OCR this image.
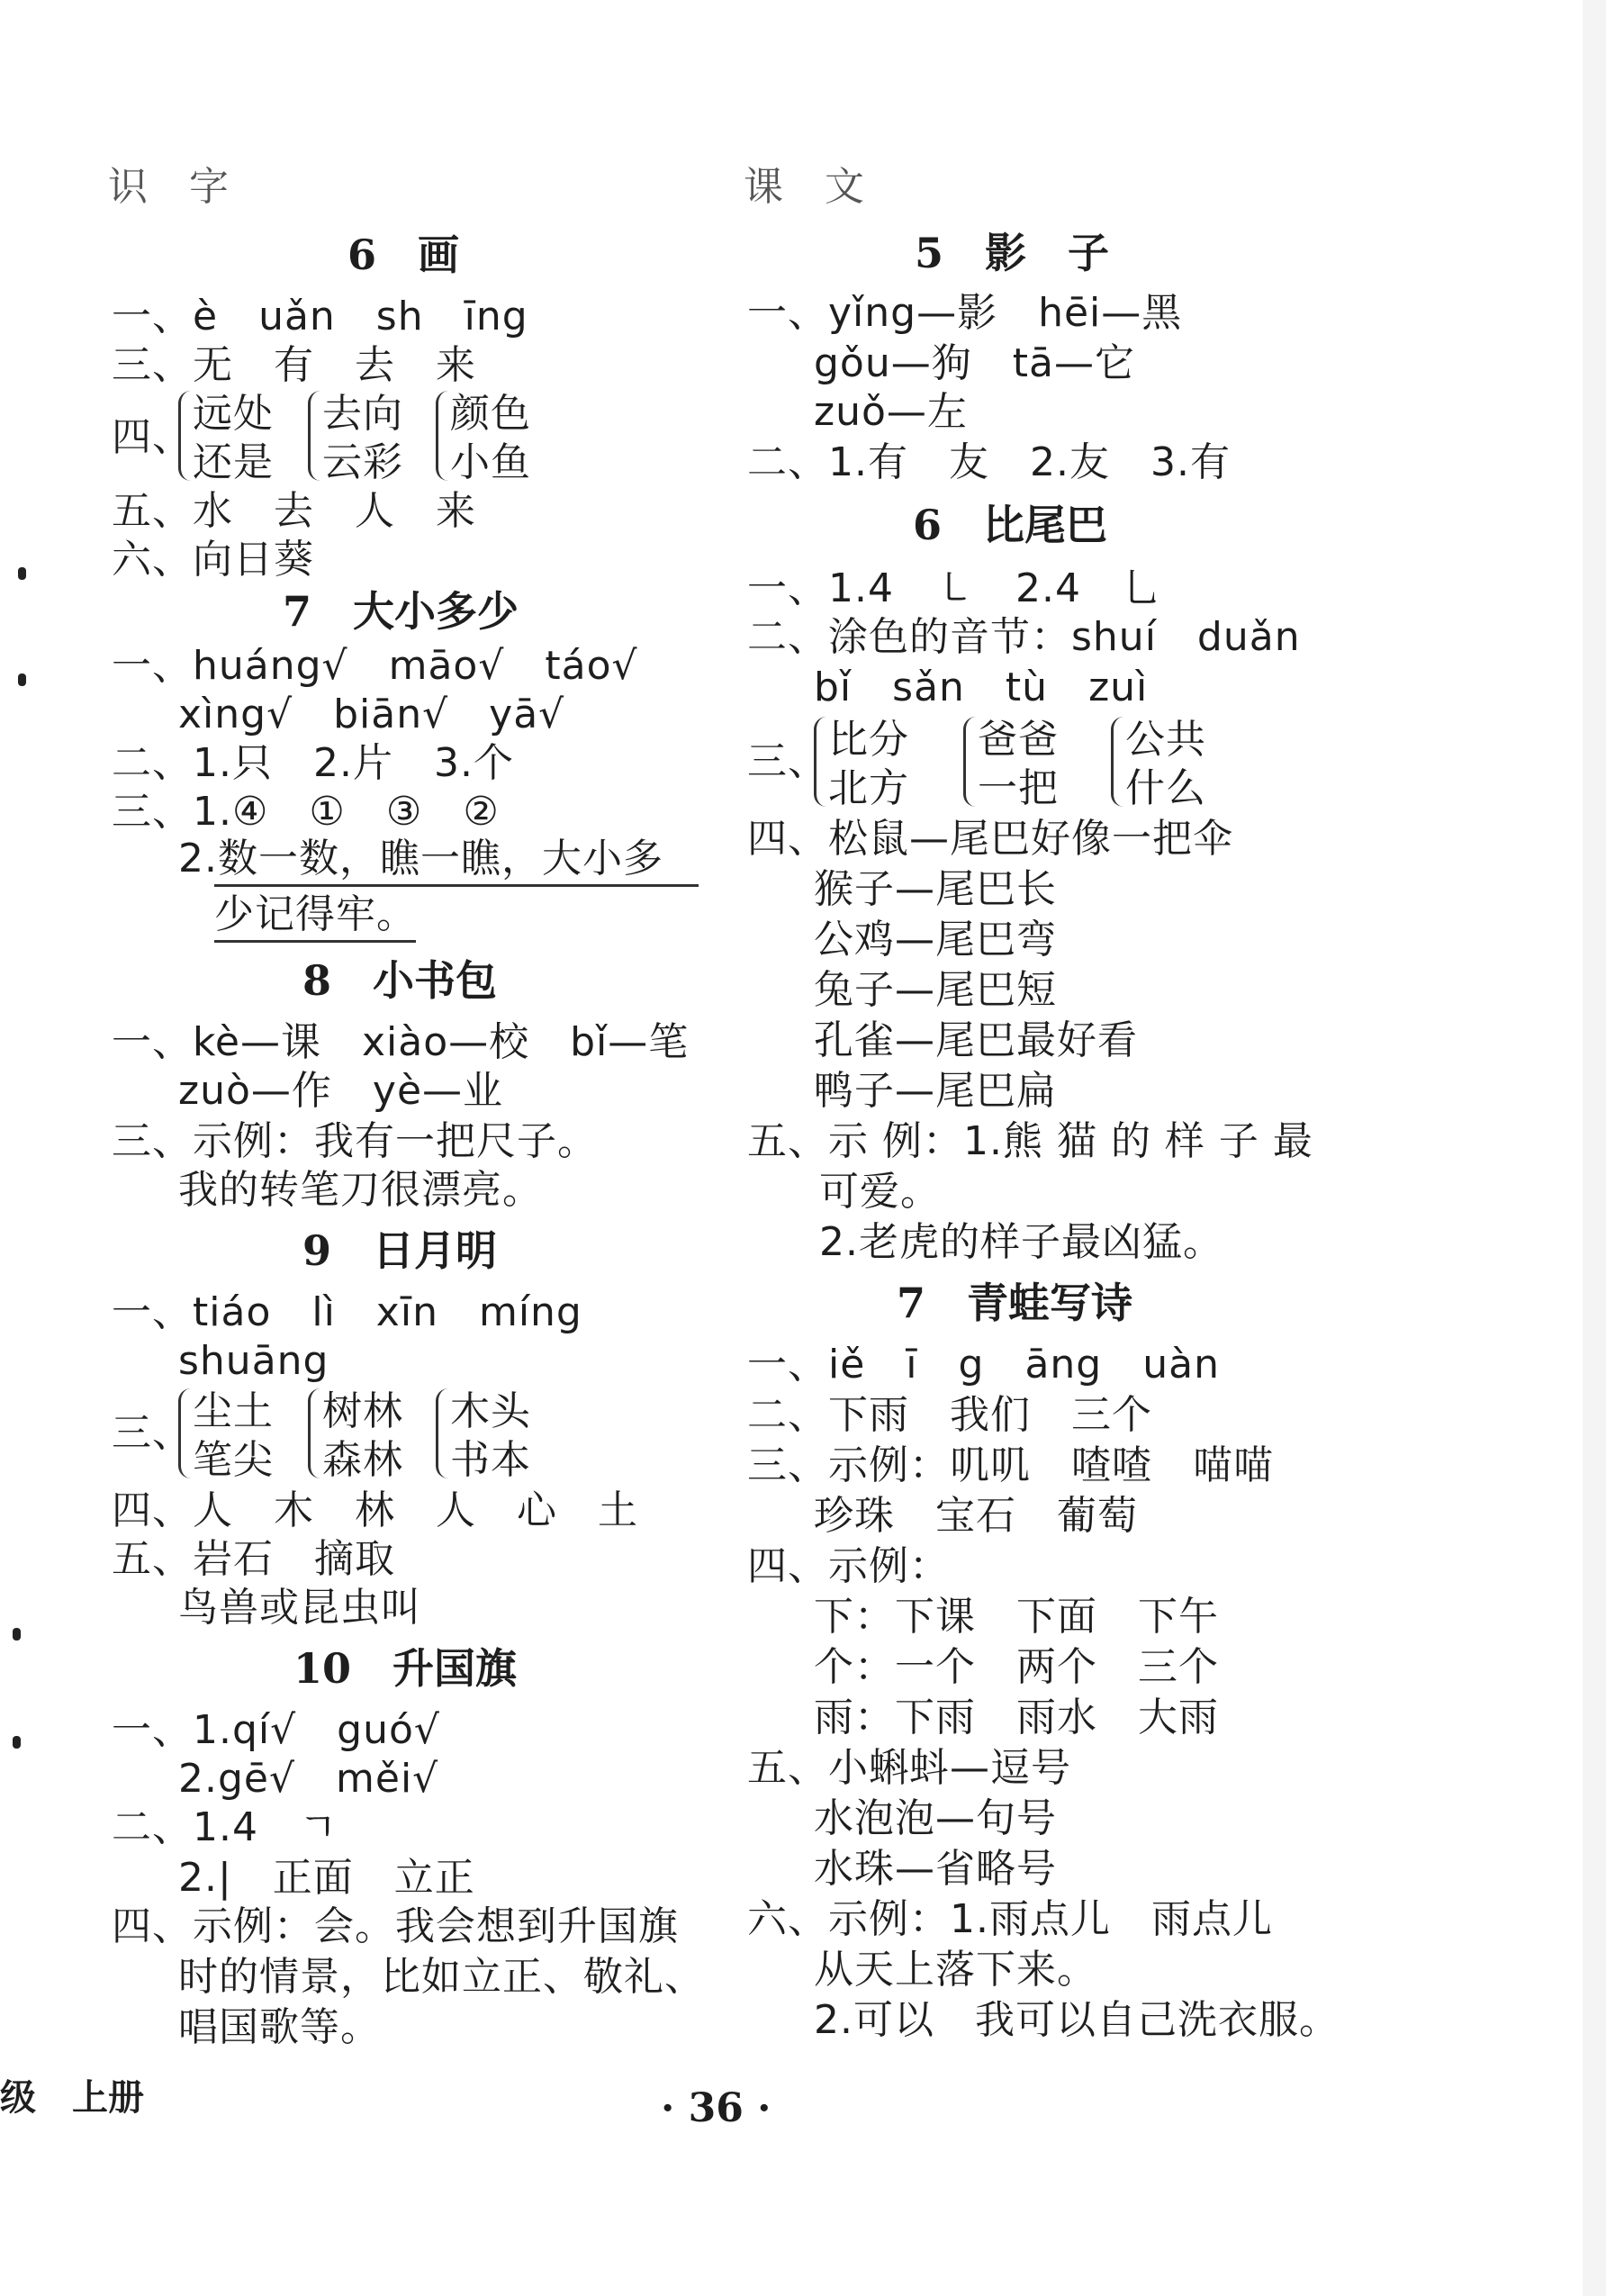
识　字
6　画
一、è　uǎn　sh　īng
三、无　有　去　来
四、
远处
还是
去向
云彩
颜色
小鱼
五、水　去　人　来
六、向日葵
7　大小多少
一、huáng√　māo√　táo√
xìng√　biān√　yā√
二、1.只　2.片　3.个
三、1.④　①　③　②
2.数一数，瞧一瞧，大小多
少记得牢。
8　小书包
一、kè—课　xiào—校　bǐ—笔
zuò—作　yè—业
三、示例：我有一把尺子。
我的转笔刀很漂亮。
9　日月明
一、tiáo　lì　xīn　míng
shuāng
三、 尘土
笔尖
树林
森林
木头
书本
四、人　木　林　人　心　土
五、岩石　摘取
鸟兽或昆虫叫
10　升国旗
一、1.qí√　guó√
2.gē√　měi√
二、1.4　ㄱ
2.|　正面　立正
四、示例：会。我会想到升国旗
时的情景，比如立正、敬礼、
唱国歌等。
课　文
5　影　子
一、yǐng—影　hēi—黑
gǒu—狗　tā—它
zuǒ—左
二、1.有　友　2.友　3.有
6　比尾巴
一、1.4　㇄　2.4　乚
二、涂色的音节：shuí　duǎn
bǐ　sǎn　tù　zuì
三、 比分
北方
爸爸
一把
公共
什么
四、松鼠—尾巴好像一把伞
猴子—尾巴长
公鸡—尾巴弯
兔子—尾巴短
孔雀—尾巴最好看
鸭子—尾巴扁
五、示 例：1.熊 猫 的 样 子 最
可爱。
2.老虎的样子最凶猛。
7　青蛙写诗
一、iě　ī　g　āng　uàn
二、下雨　我们　三个
三、示例：叽叽　喳喳　喵喵
珍珠　宝石　葡萄
四、示例：
下：下课　下面　下午
个：一个　两个　三个
雨：下雨　雨水　大雨
五、小蝌蚪—逗号
水泡泡—句号
水珠—省略号
六、示例：1.雨点儿　雨点儿
从天上落下来。
2.可以　我可以自己洗衣服。
级　上册	· 36 ·
